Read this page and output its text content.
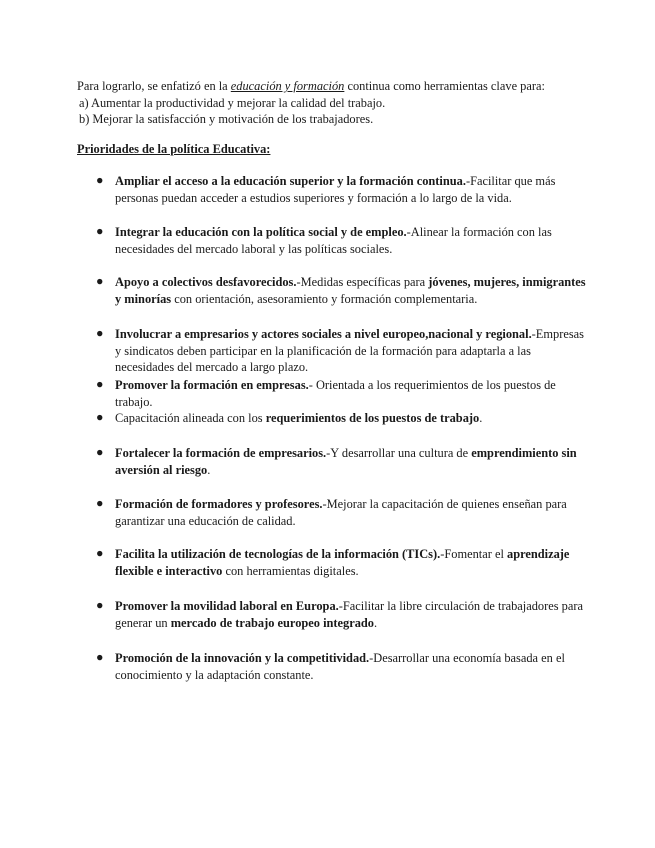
Para lograrlo, se enfatizó en la educación y formación continua como herramientas clave para:
a) Aumentar la productividad y mejorar la calidad del trabajo.
b) Mejorar la satisfacción y motivación de los trabajadores.
Prioridades de la política Educativa:
● Ampliar el acceso a la educación superior y la formación continua.-Facilitar que más personas puedan acceder a estudios superiores y formación a lo largo de la vida.
● Integrar la educación con la política social y de empleo.-Alinear la formación con las necesidades del mercado laboral y las políticas sociales.
● Apoyo a colectivos desfavorecidos.-Medidas específicas para jóvenes, mujeres, inmigrantes y minorías con orientación, asesoramiento y formación complementaria.
● Involucrar a empresarios y actores sociales a nivel europeo,nacional y regional.-Empresas y sindicatos deben participar en la planificación de la formación para adaptarla a las necesidades del mercado a largo plazo.
● Promover la formación en empresas.- Orientada a los requerimientos de los puestos de trabajo.
● Capacitación alineada con los requerimientos de los puestos de trabajo.
● Fortalecer la formación de empresarios.-Y desarrollar una cultura de emprendimiento sin aversión al riesgo.
● Formación de formadores y profesores.-Mejorar la capacitación de quienes enseñan para garantizar una educación de calidad.
● Facilita la utilización de tecnologías de la información (TICs).-Fomentar el aprendizaje flexible e interactivo con herramientas digitales.
● Promover la movilidad laboral en Europa.-Facilitar la libre circulación de trabajadores para generar un mercado de trabajo europeo integrado.
● Promoción de la innovación y la competitividad.-Desarrollar una economía basada en el conocimiento y la adaptación constante.
